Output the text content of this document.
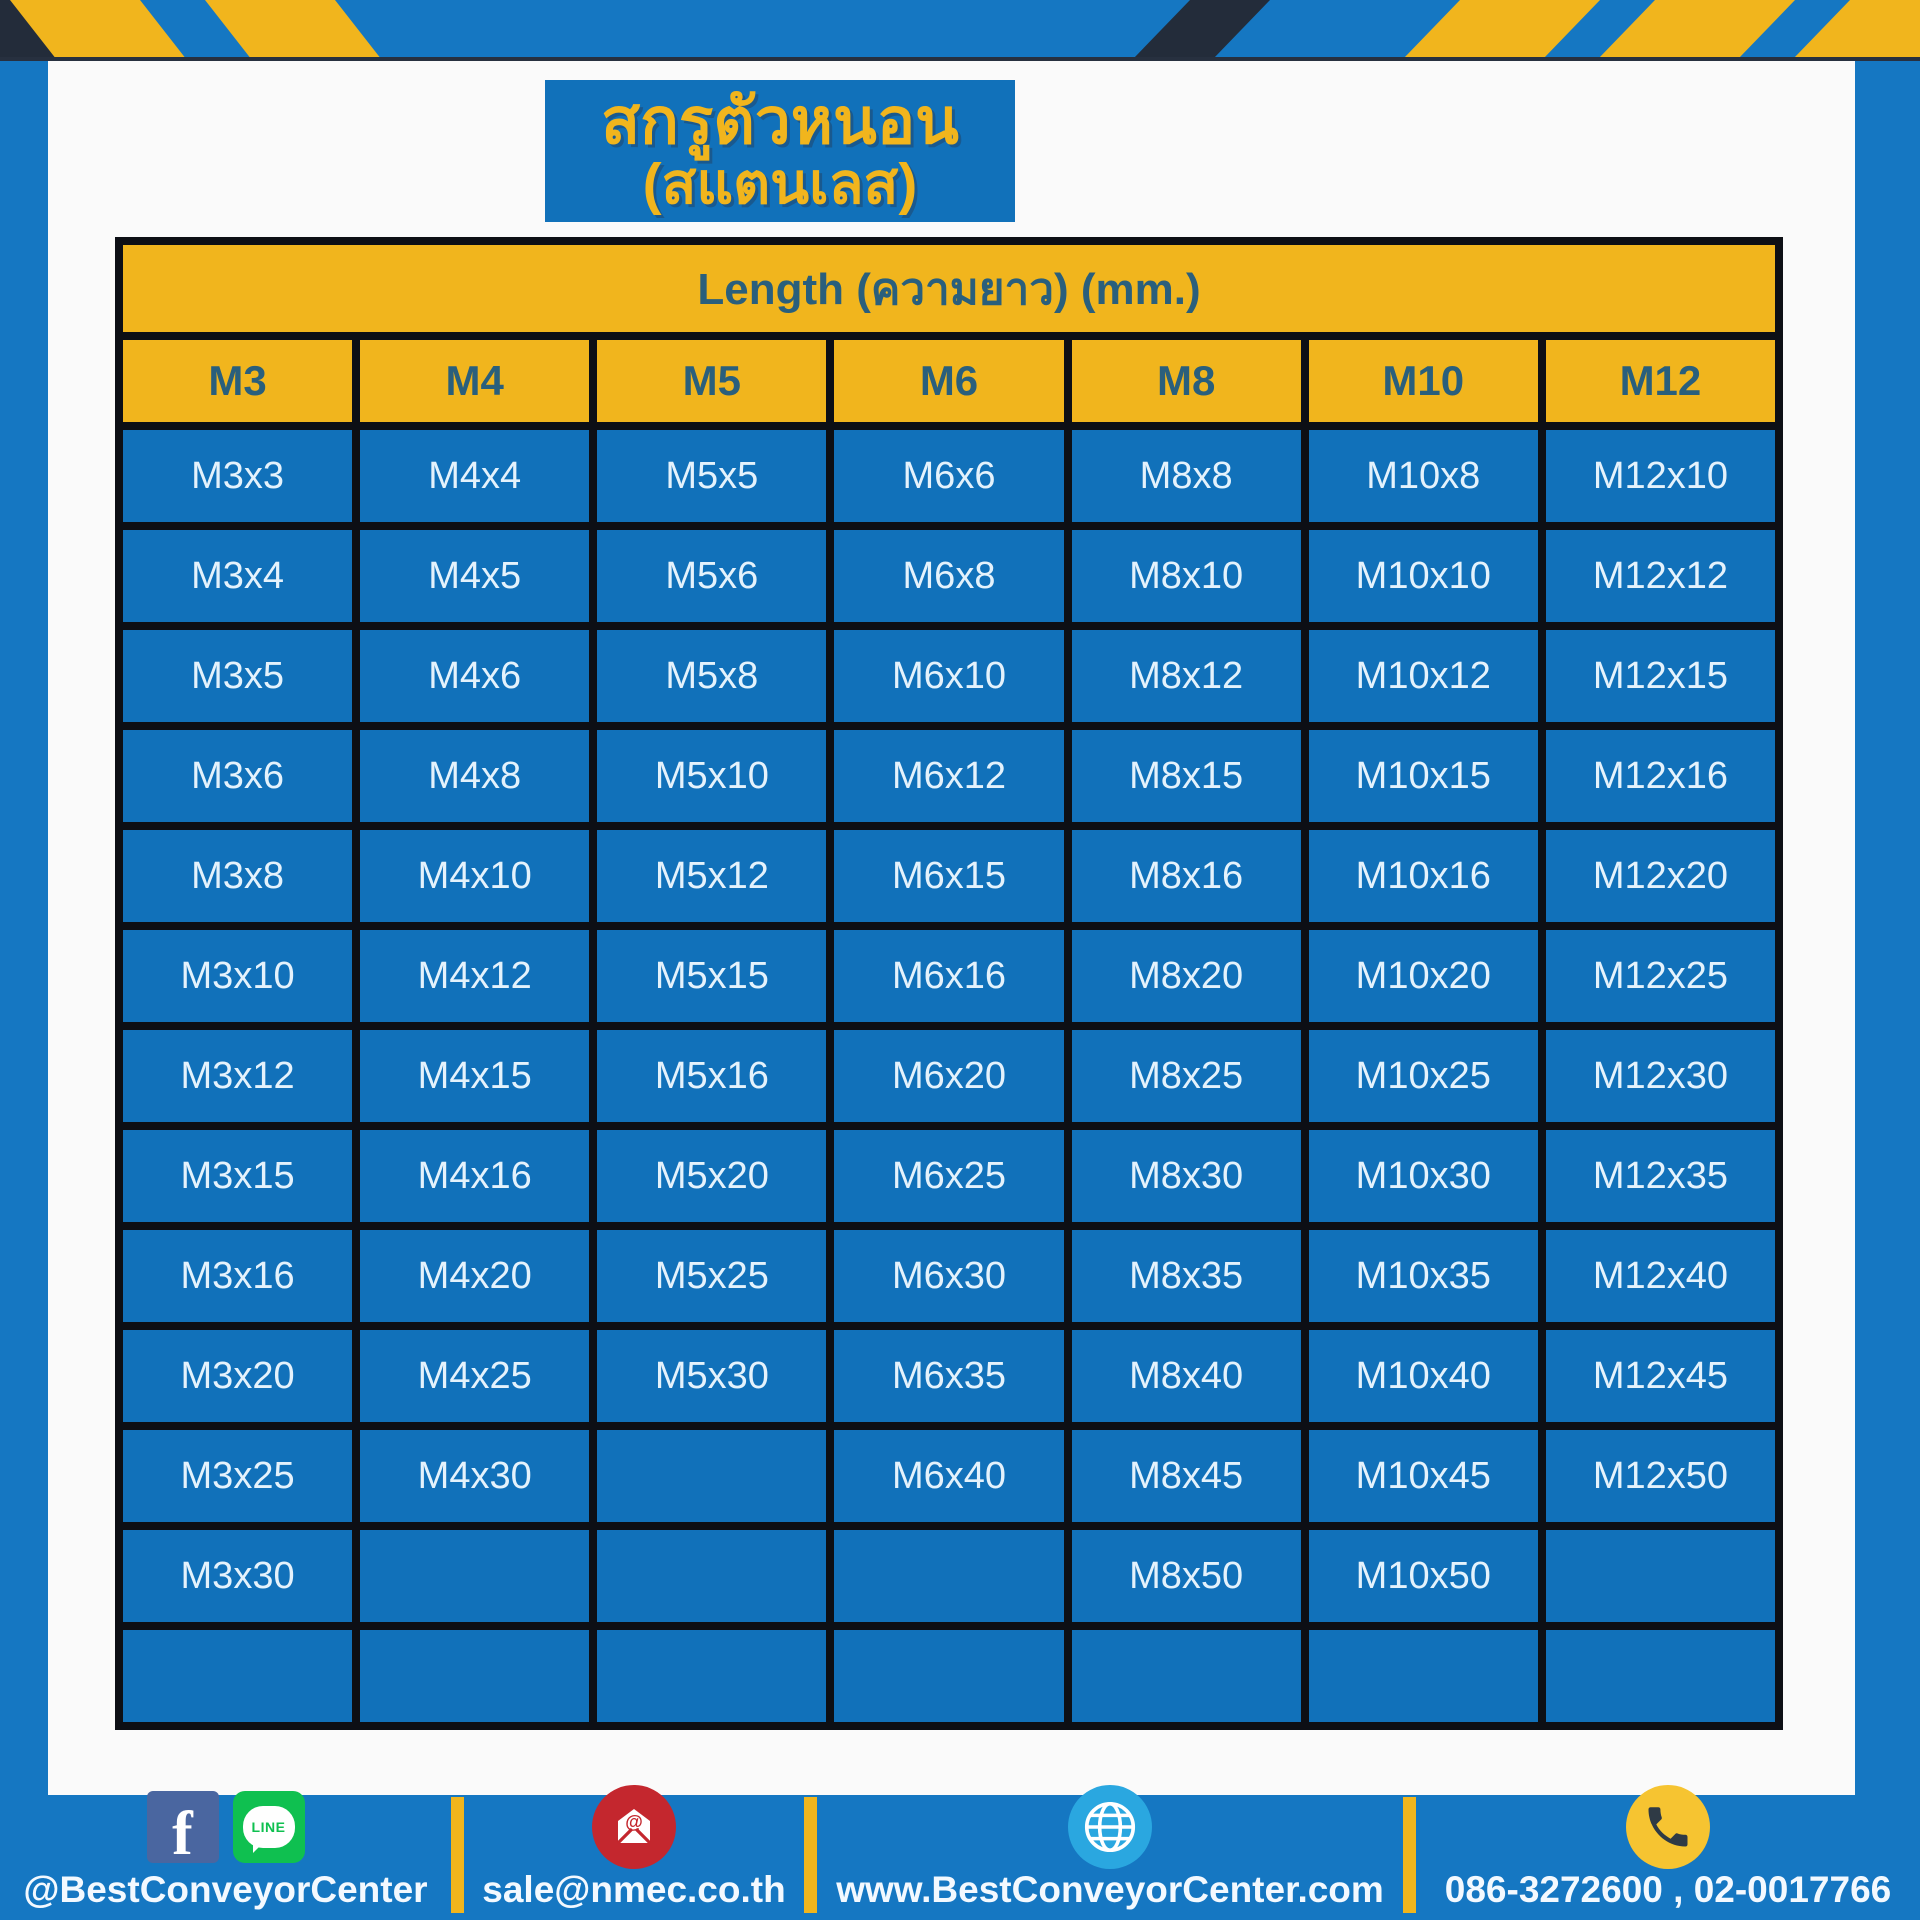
สกรูตัวหนอน
(สแตนเลส)
Length (ความยาว) (mm.)						
M3	M4	M5	M6	M8	M10	M12
M3x3	M4x4	M5x5	M6x6	M8x8	M10x8	M12x10
M3x4	M4x5	M5x6	M6x8	M8x10	M10x10	M12x12
M3x5	M4x6	M5x8	M6x10	M8x12	M10x12	M12x15
M3x6	M4x8	M5x10	M6x12	M8x15	M10x15	M12x16
M3x8	M4x10	M5x12	M6x15	M8x16	M10x16	M12x20
M3x10	M4x12	M5x15	M6x16	M8x20	M10x20	M12x25
M3x12	M4x15	M5x16	M6x20	M8x25	M10x25	M12x30
M3x15	M4x16	M5x20	M6x25	M8x30	M10x30	M12x35
M3x16	M4x20	M5x25	M6x30	M8x35	M10x35	M12x40
M3x20	M4x25	M5x30	M6x35	M8x40	M10x40	M12x45
M3x25	M4x30		M6x40	M8x45	M10x45	M12x50
M3x30				M8x50	M10x50	

f	LINE
@BestConveyorCenter
@
sale@nmec.co.th www.BestConveyorCenter.com 086-3272600 , 02-0017766
